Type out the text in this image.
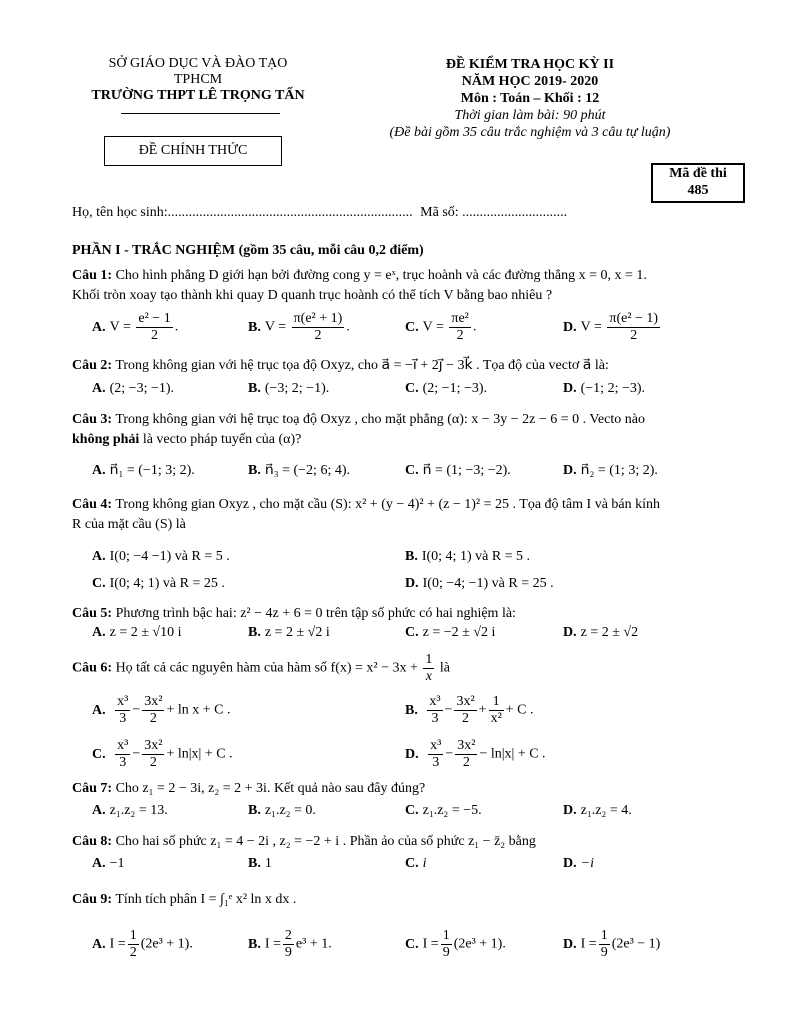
SỞ GIÁO DỤC VÀ ĐÀO TẠO
TPHCM
TRƯỜNG THPT LÊ TRỌNG TẤN
ĐỀ CHÍNH THỨC
ĐỀ KIỂM TRA HỌC KỲ II
NĂM HỌC 2019- 2020
Môn : Toán – Khối : 12
Thời gian làm bài: 90 phút
(Đề bài gồm 35 câu trắc nghiệm và 3 câu tự luận)
Mã đề thi
485
Họ, tên học sinh:...................................................................... Mã số: ..............................
PHẦN I - TRẮC NGHIỆM (gồm 35 câu, mỗi câu 0,2 điểm)
Câu 1: Cho hình phẳng D giới hạn bởi đường cong y = eˣ, trục hoành và các đường thẳng x = 0, x = 1.
Khối tròn xoay tạo thành khi quay D quanh trục hoành có thể tích V bằng bao nhiêu ?
A. $V = \frac{\text{e² − 1}}{2}$ .	B. $V = \frac{\text{π(e² + 1)}}{2}$ .	C. $V = \frac{\text{πe²}}{2}$ .	D. $V = \frac{\text{π(e² − 1)}}{2}$
Câu 2: Trong không gian với hệ trục tọa độ Oxyz, cho a⃗ = −i⃗ + 2j⃗ − 3k⃗ . Tọa độ của vectơ a⃗ là:
A. (2; −3; −1).	B. (−3; 2; −1).	C. (2; −1; −3).	D. (−1; 2; −3).
Câu 3: Trong không gian với hệ trục toạ độ Oxyz , cho mặt phẳng (α): x − 3y − 2z − 6 = 0 . Vecto nào
không phải là vecto pháp tuyến của (α)?
A. n⃗₁ = (−1; 3; 2).	B. n⃗₃ = (−2; 6; 4).	C. n⃗ = (1; −3; −2).	D. n⃗₂ = (1; 3; 2).
Câu 4: Trong không gian Oxyz , cho mặt cầu (S): x² + (y − 4)² + (z − 1)² = 25 . Tọa độ tâm I và bán kính
R của mặt cầu (S) là
A. I(0; −4 −1) và R = 5 .	B. I(0; 4; 1) và R = 5 .
C. I(0; 4; 1) và R = 25 .	D. I(0; −4; −1) và R = 25 .
Câu 5: Phương trình bậc hai: z² − 4z + 6 = 0 trên tập số phức có hai nghiệm là:
A. z = 2 ± √10 i	B. z = 2 ± √2 i	C. z = −2 ± √2 i	D. z = 2 ± √2
Câu 6: Họ tất cả các nguyên hàm của hàm số $f(x) = x^2 - 3x + \frac{1}{x}$ là
A. $\frac{\text{x³}}{3} - \frac{\text{3x²}}{2} + \ln x + C$ .	B. $\frac{\text{x³}}{3} - \frac{\text{3x²}}{2} + \frac{1}{\text{x²}} + C$ .
C. $\frac{\text{x³}}{3} - \frac{\text{3x²}}{2} + \ln|x| + C$ .	D. $\frac{\text{x³}}{3} - \frac{\text{3x²}}{2} - \ln|x| + C$ .
Câu 7: Cho z₁ = 2 − 3i, z₂ = 2 + 3i. Kết quả nào sau đây đúng?
A. z₁.z₂ = 13.	B. z₁.z₂ = 0.	C. z₁.z₂ = −5.	D. z₁.z₂ = 4.
Câu 8: Cho hai số phức z₁ = 4 − 2i , z₂ = −2 + i . Phần ảo của số phức z₁ − z̄₂ bằng
A. −1	B. 1	C. i	D. −i
Câu 9: Tính tích phân I = ∫₁ᵉ x² ln x dx .
A. $I = \frac{1}{2} (2e^3 + 1)$.	B. $I = \frac{2}{9} e^3 + 1$.	C. $I = \frac{1}{9} (2e^3 + 1)$.	D. $I = \frac{1}{9} (2e^3 - 1)$
